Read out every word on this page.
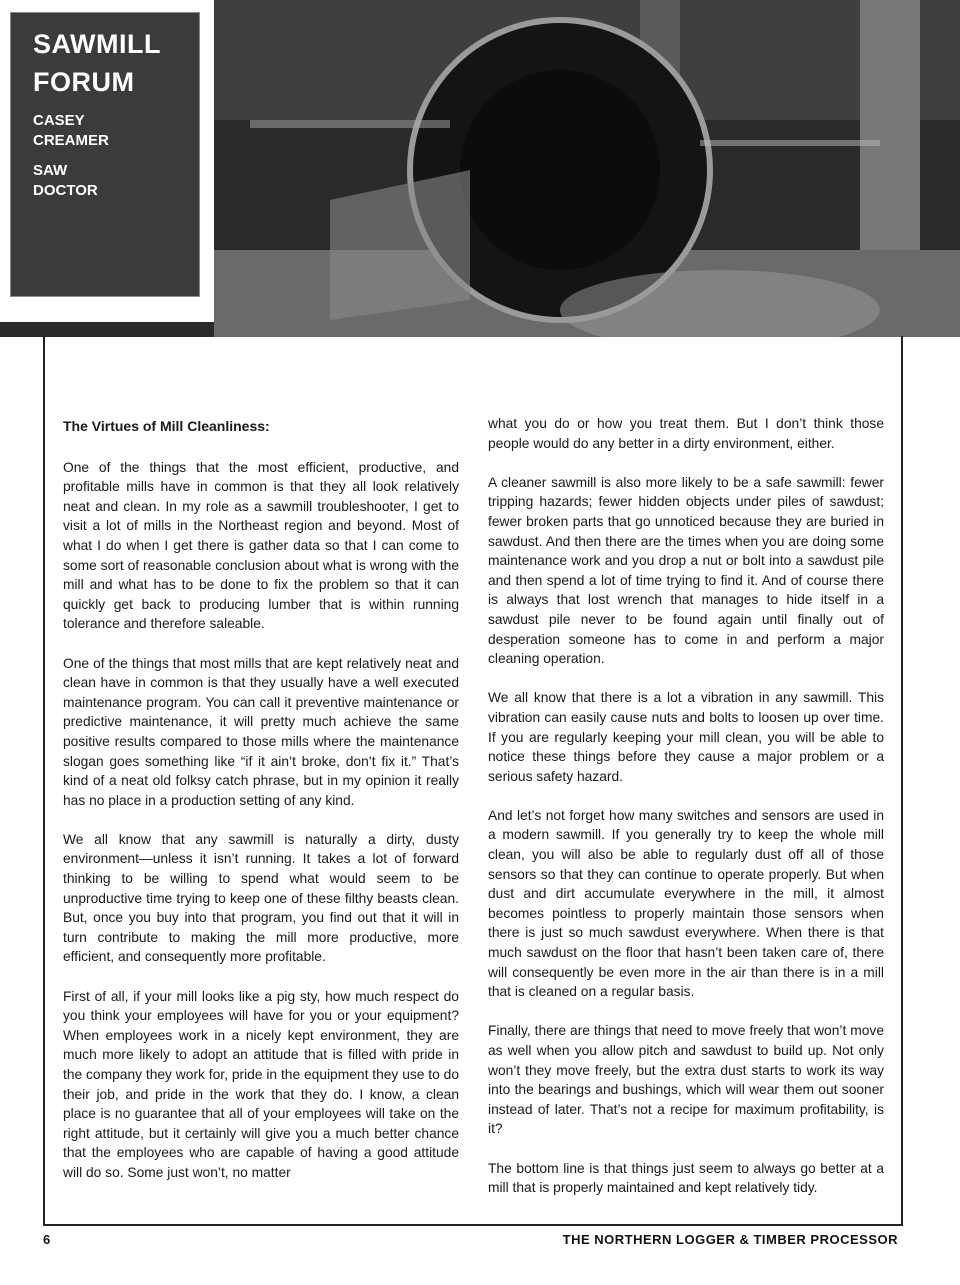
SAWMILL
FORUM
CASEY
CREAMER
SAW
DOCTOR
The Virtues of Mill Cleanliness:

One of the things that the most efficient, productive, and profitable mills have in common is that they all look relatively neat and clean. In my role as a sawmill troubleshooter, I get to visit a lot of mills in the Northeast region and beyond. Most of what I do when I get there is gather data so that I can come to some sort of reasonable conclusion about what is wrong with the mill and what has to be done to fix the problem so that it can quickly get back to producing lumber that is within running tolerance and therefore saleable.

One of the things that most mills that are kept relatively neat and clean have in common is that they usually have a well executed maintenance program. You can call it preventive maintenance or predictive maintenance, it will pretty much achieve the same positive results compared to those mills where the maintenance slogan goes something like “if it ain’t broke, don’t fix it.” That’s kind of a neat old folksy catch phrase, but in my opinion it really has no place in a production setting of any kind.

We all know that any sawmill is naturally a dirty, dusty environment—unless it isn’t running. It takes a lot of forward thinking to be willing to spend what would seem to be unproductive time trying to keep one of these filthy beasts clean. But, once you buy into that program, you find out that it will in turn contribute to making the mill more productive, more efficient, and consequently more profitable.

First of all, if your mill looks like a pig sty, how much respect do you think your employees will have for you or your equipment? When employees work in a nicely kept environment, they are much more likely to adopt an attitude that is filled with pride in the company they work for, pride in the equipment they use to do their job, and pride in the work that they do. I know, a clean place is no guarantee that all of your employees will take on the right attitude, but it certainly will give you a much better chance that the employees who are capable of having a good attitude will do so. Some just won’t, no matter

what you do or how you treat them. But I don’t think those people would do any better in a dirty environment, either.

A cleaner sawmill is also more likely to be a safe sawmill: fewer tripping hazards; fewer hidden objects under piles of sawdust; fewer broken parts that go unnoticed because they are buried in sawdust. And then there are the times when you are doing some maintenance work and you drop a nut or bolt into a sawdust pile and then spend a lot of time trying to find it. And of course there is always that lost wrench that manages to hide itself in a sawdust pile never to be found again until finally out of desperation someone has to come in and perform a major cleaning operation.

We all know that there is a lot a vibration in any sawmill. This vibration can easily cause nuts and bolts to loosen up over time. If you are regularly keeping your mill clean, you will be able to notice these things before they cause a major problem or a serious safety hazard.

And let’s not forget how many switches and sensors are used in a modern sawmill. If you generally try to keep the whole mill clean, you will also be able to regularly dust off all of those sensors so that they can continue to operate properly. But when dust and dirt accumulate everywhere in the mill, it almost becomes pointless to properly maintain those sensors when there is just so much sawdust everywhere. When there is that much sawdust on the floor that hasn’t been taken care of, there will consequently be even more in the air than there is in a mill that is cleaned on a regular basis.

Finally, there are things that need to move freely that won’t move as well when you allow pitch and sawdust to build up. Not only won’t they move freely, but the extra dust starts to work its way into the bearings and bushings, which will wear them out sooner instead of later. That’s not a recipe for maximum profitability, is it?

The bottom line is that things just seem to always go better at a mill that is properly maintained and kept relatively tidy.

6	THE NORTHERN LOGGER & TIMBER PROCESSOR
